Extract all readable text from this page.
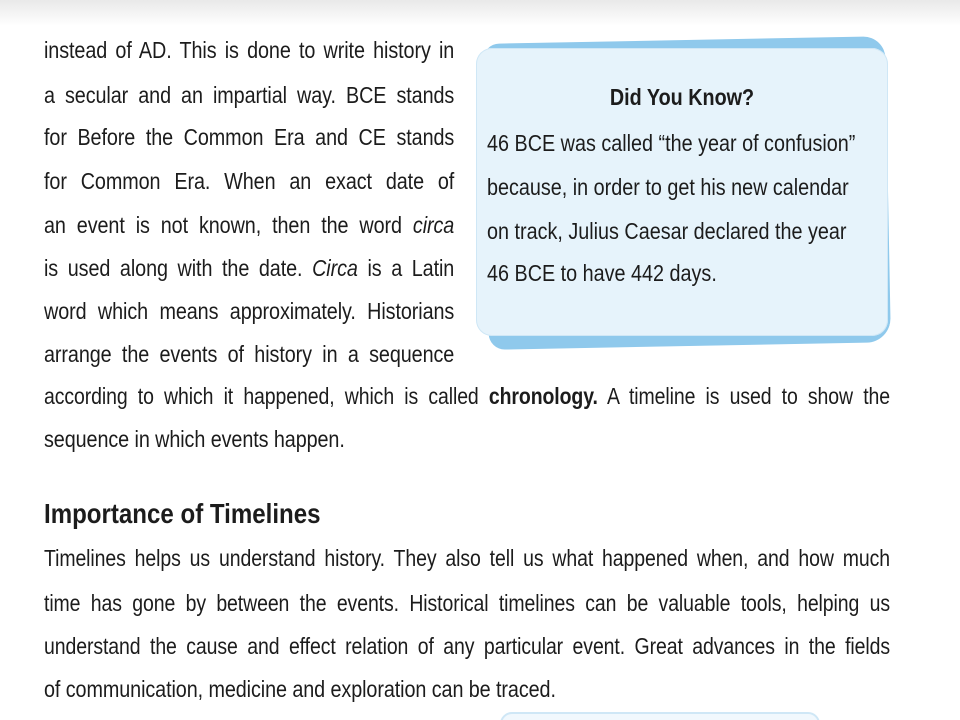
Did You Know?

46 BCE was called “the year of confusion”

because, in order to get his new calendar

on track, Julius Caesar declared the year

46 BCE to have 442 days.

instead of AD. This is done to write history in

a secular and an impartial way. BCE stands

for Before the Common Era and CE stands

for Common Era. When an exact date of

an event is not known, then the word circa

is used along with the date. Circa is a Latin

word which means approximately. Historians

arrange the events of history in a sequence

according to which it happened, which is called chronology. A timeline is used to show the

sequence in which events happen.

Importance of Timelines

Timelines helps us understand history. They also tell us what happened when, and how much

time has gone by between the events. Historical timelines can be valuable tools, helping us

understand the cause and effect relation of any particular event. Great advances in the fields

of communication, medicine and exploration can be traced.
